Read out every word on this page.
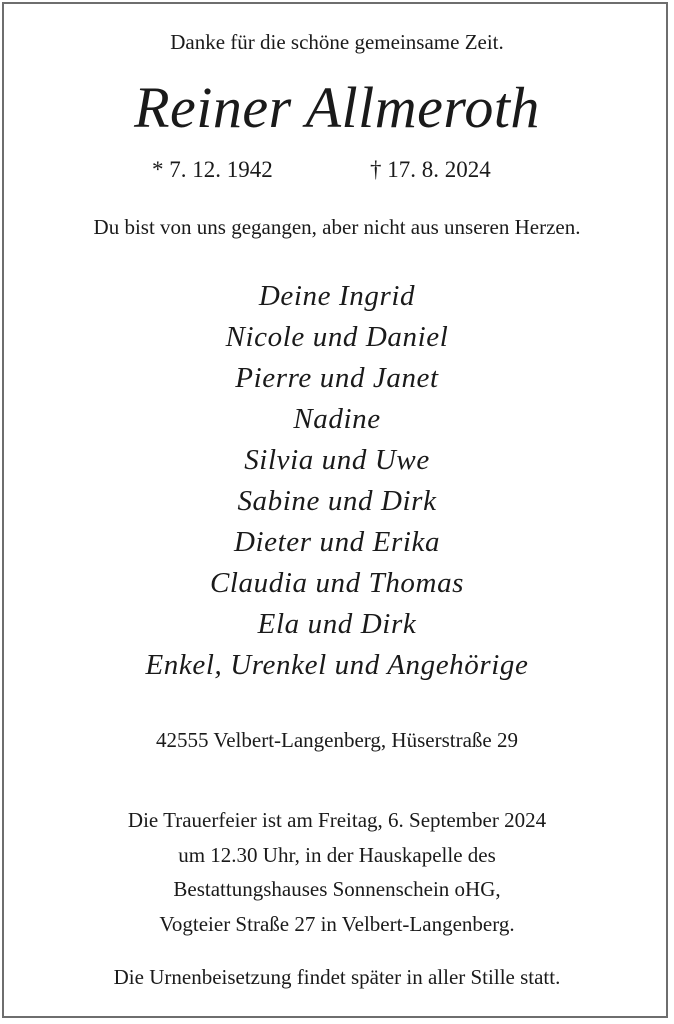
Danke für die schöne gemeinsame Zeit.

Reiner Allmeroth

* 7. 12. 1942	† 17. 8. 2024

Du bist von uns gegangen, aber nicht aus unseren Herzen.

Deine Ingrid
Nicole und Daniel
Pierre und Janet
Nadine
Silvia und Uwe
Sabine und Dirk
Dieter und Erika
Claudia und Thomas
Ela und Dirk
Enkel, Urenkel und Angehörige

42555 Velbert-Langenberg, Hüserstraße 29

Die Trauerfeier ist am Freitag, 6. September 2024
um 12.30 Uhr, in der Hauskapelle des
Bestattungshauses Sonnenschein oHG,
Vogteier Straße 27 in Velbert-Langenberg.

Die Urnenbeisetzung findet später in aller Stille statt.
